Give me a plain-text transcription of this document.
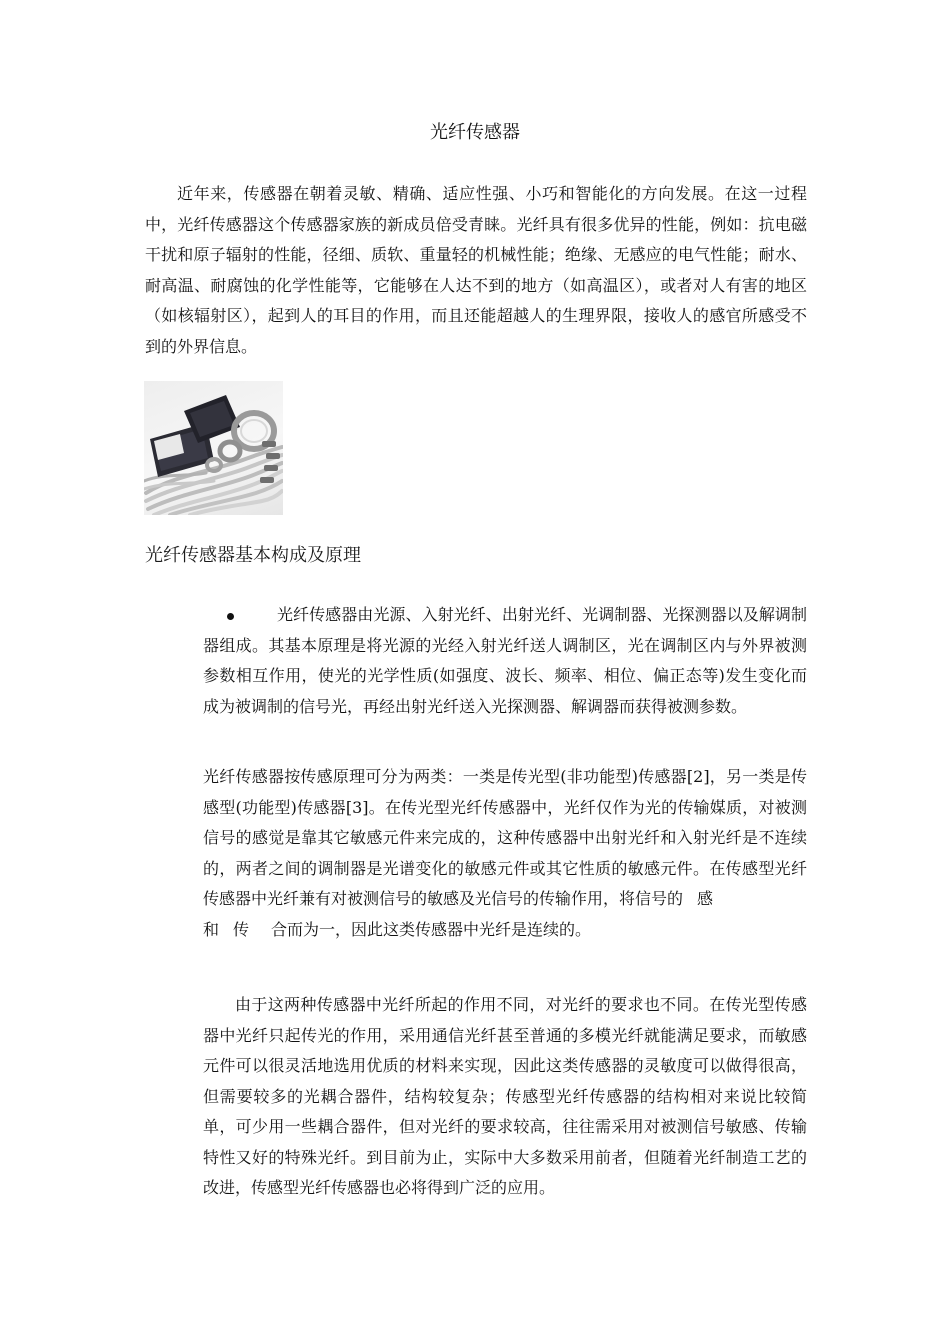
光纤传感器

近年来，传感器在朝着灵敏、精确、适应性强、小巧和智能化的方向发展。在这一过程中，光纤传感器这个传感器家族的新成员倍受青睐。光纤具有很多优异的性能，例如：抗电磁干扰和原子辐射的性能，径细、质软、重量轻的机械性能；绝缘、无感应的电气性能；耐水、耐高温、耐腐蚀的化学性能等，它能够在人达不到的地方（如高温区），或者对人有害的地区（如核辐射区），起到人的耳目的作用，而且还能超越人的生理界限，接收人的感官所感受不到的外界信息。

光纤传感器基本构成及原理

光纤传感器由光源、入射光纤、出射光纤、光调制器、光探测器以及解调制器组成。其基本原理是将光源的光经入射光纤送人调制区，光在调制区内与外界被测参数相互作用，使光的光学性质(如强度、波长、频率、相位、偏正态等)发生变化而成为被调制的信号光，再经出射光纤送入光探测器、解调器而获得被测参数。

光纤传感器按传感原理可分为两类：一类是传光型(非功能型)传感器[2]，另一类是传感型(功能型)传感器[3]。在传光型光纤传感器中，光纤仅作为光的传输媒质，对被测信号的感觉是靠其它敏感元件来完成的，这种传感器中出射光纤和入射光纤是不连续的，两者之间的调制器是光谱变化的敏感元件或其它性质的敏感元件。在传感型光纤传感器中光纤兼有对被测信号的敏感及光信号的传输作用，将信号的 感
和 传 合而为一，因此这类传感器中光纤是连续的。

由于这两种传感器中光纤所起的作用不同，对光纤的要求也不同。在传光型传感器中光纤只起传光的作用，采用通信光纤甚至普通的多模光纤就能满足要求，而敏感元件可以很灵活地选用优质的材料来实现，因此这类传感器的灵敏度可以做得很高，但需要较多的光耦合器件，结构较复杂；传感型光纤传感器的结构相对来说比较简单，可少用一些耦合器件，但对光纤的要求较高，往往需采用对被测信号敏感、传输特性又好的特殊光纤。到目前为止，实际中大多数采用前者，但随着光纤制造工艺的改进，传感型光纤传感器也必将得到广泛的应用。
